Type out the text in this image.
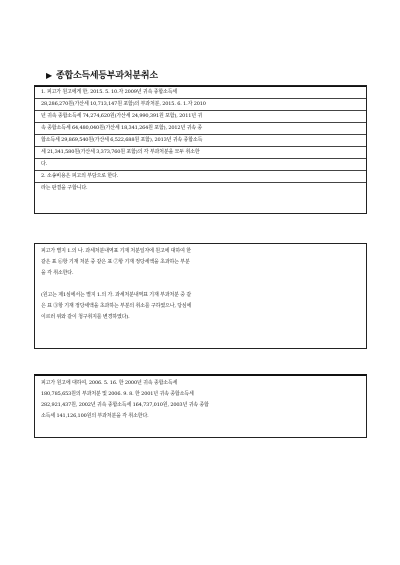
▶ 종합소득세등부과처분취소
1. 피고가 원고에게 한, 2015. 5. 10.자 2009년 귀속 종합소득세
28,286,270원(가산세 10,713,147원 포함)의 부과처분, 2015. 6. 1.자 2010
년 귀속 종합소득세 74,274,620원(가산세 24,990,391원 포함), 2011년 귀
속 종합소득세 64,480,040원(가산세 18,341,264원 포함), 2012년 귀속 종
합소득세 29,869,540원(가산세 6,522,688원 포함), 2013년 귀속 종합소득
세 21,341,580원(가산세 3,373,760원 포함)의 각 부과처분을 모두 취소한
다.
2. 소송비용은 피고의 부담으로 한다.
라는 판결을 구합니다.
피고가 별지 1.의 나. 과세처분내역표 기재 처분일자에 원고에 대하여 한
같은 표 ⑥항 기재 처분 중 같은 표 ⑦항 기재 정당세액을 초과하는 부분
을 각 취소한다.
(원고는 제1심에서는 별지 1.의 가. 과세처분내역표 기재 부과처분 중 같
은 표 ③항 기재 정당세액을 초과하는 부분의 취소를 구하였으나, 당심에
이르러 위와 같이 청구취지를 변경하였다).
피고가 원고에 대하여, 2006. 5. 16. 한 2000년 귀속 종합소득세
180,785,653원의 부과처분 및 2006. 9. 8. 한 2001년 귀속 종합소득세
282,921,437원, 2002년 귀속 종합소득세 164,737,010원, 2003년 귀속 종합
소득세 141,126,100원의 부과처분을 각 취소한다.
